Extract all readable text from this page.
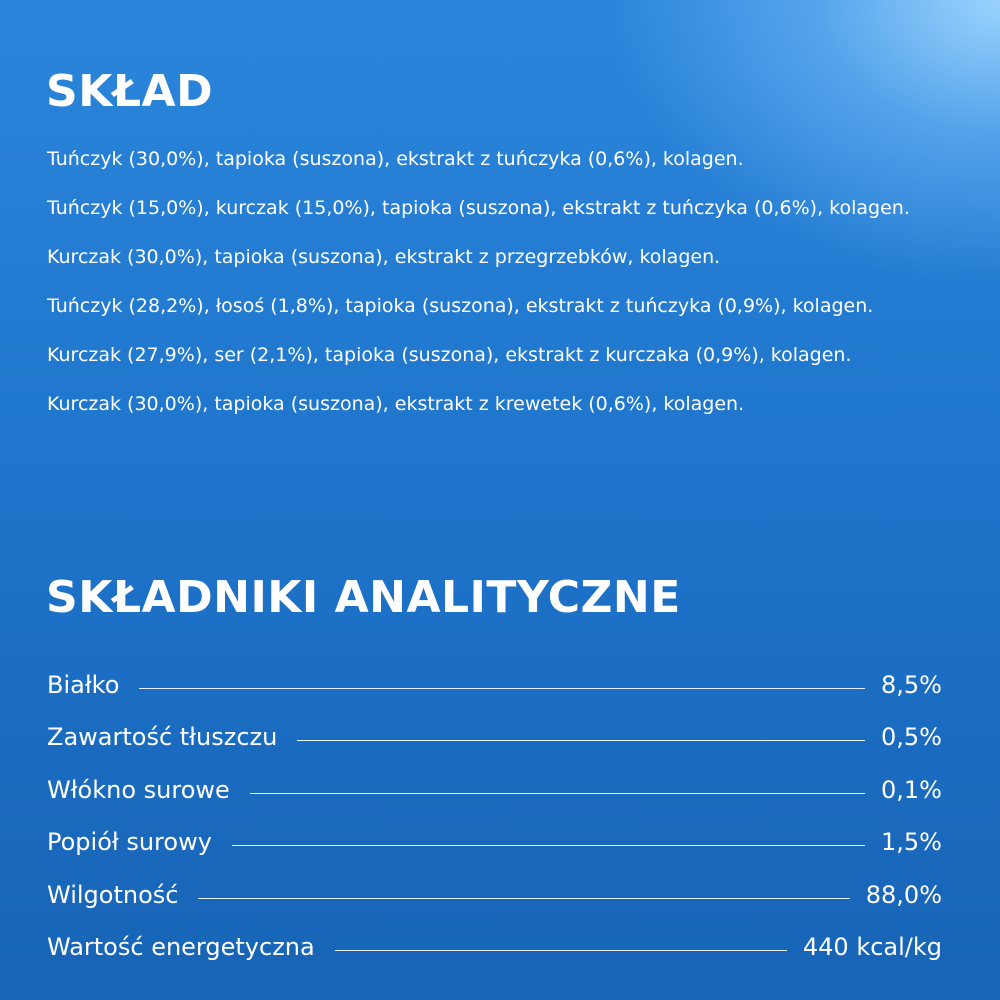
SKŁAD
Tuńczyk (30,0%), tapioka (suszona), ekstrakt z tuńczyka (0,6%), kolagen.
Tuńczyk (15,0%), kurczak (15,0%), tapioka (suszona), ekstrakt z tuńczyka (0,6%), kolagen.
Kurczak (30,0%), tapioka (suszona), ekstrakt z przegrzebków, kolagen.
Tuńczyk (28,2%), łosoś (1,8%), tapioka (suszona), ekstrakt z tuńczyka (0,9%), kolagen.
Kurczak (27,9%), ser (2,1%), tapioka (suszona), ekstrakt z kurczaka (0,9%), kolagen.
Kurczak (30,0%), tapioka (suszona), ekstrakt z krewetek (0,6%), kolagen.
SKŁADNIKI ANALITYCZNE
Białko	8,5%
Zawartość tłuszczu	0,5%
Włókno surowe	0,1%
Popiół surowy	1,5%
Wilgotność	88,0%
Wartość energetyczna	440 kcal/kg
